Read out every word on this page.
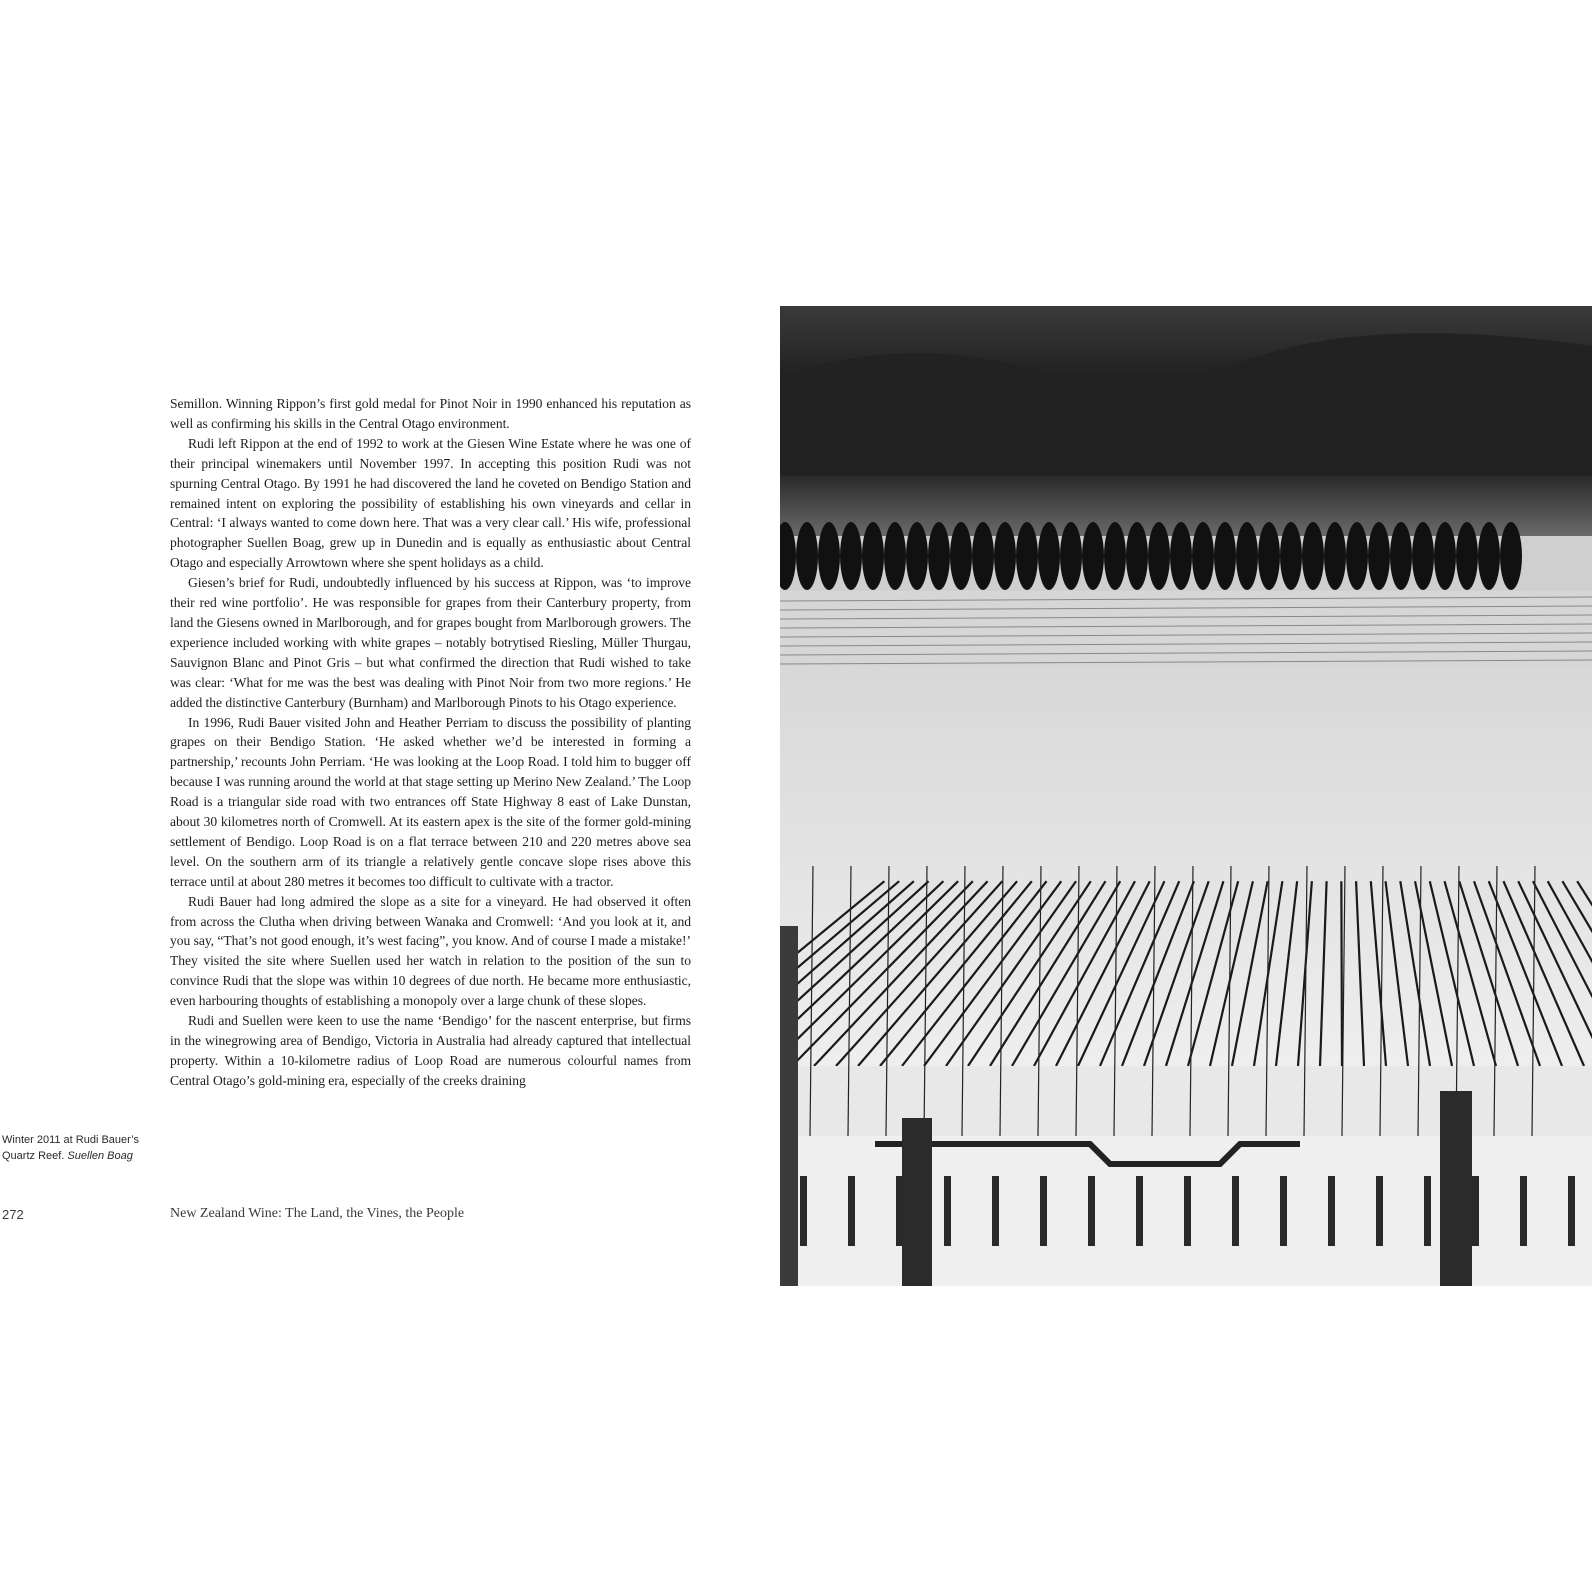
Semillon. Winning Rippon’s first gold medal for Pinot Noir in 1990 enhanced his reputation as well as confirming his skills in the Central Otago environment.

Rudi left Rippon at the end of 1992 to work at the Giesen Wine Estate where he was one of their principal winemakers until November 1997. In accepting this position Rudi was not spurning Central Otago. By 1991 he had discovered the land he coveted on Bendigo Station and remained intent on exploring the possibility of establishing his own vineyards and cellar in Central: ‘I always wanted to come down here. That was a very clear call.’ His wife, professional photographer Suellen Boag, grew up in Dunedin and is equally as enthusiastic about Central Otago and especially Arrowtown where she spent holidays as a child.

Giesen’s brief for Rudi, undoubtedly influenced by his success at Rippon, was ‘to improve their red wine portfolio’. He was responsible for grapes from their Canterbury property, from land the Giesens owned in Marlborough, and for grapes bought from Marlborough growers. The experience included working with white grapes – notably botrytised Riesling, Müller Thurgau, Sauvignon Blanc and Pinot Gris – but what confirmed the direction that Rudi wished to take was clear: ‘What for me was the best was dealing with Pinot Noir from two more regions.’ He added the distinctive Canterbury (Burnham) and Marlborough Pinots to his Otago experience.

In 1996, Rudi Bauer visited John and Heather Perriam to discuss the possibility of planting grapes on their Bendigo Station. ‘He asked whether we’d be interested in forming a partnership,’ recounts John Perriam. ‘He was looking at the Loop Road. I told him to bugger off because I was running around the world at that stage setting up Merino New Zealand.’ The Loop Road is a triangular side road with two entrances off State Highway 8 east of Lake Dunstan, about 30 kilometres north of Cromwell. At its eastern apex is the site of the former gold-mining settlement of Bendigo. Loop Road is on a flat terrace between 210 and 220 metres above sea level. On the southern arm of its triangle a relatively gentle concave slope rises above this terrace until at about 280 metres it becomes too difficult to cultivate with a tractor.

Rudi Bauer had long admired the slope as a site for a vineyard. He had observed it often from across the Clutha when driving between Wanaka and Cromwell: ‘And you look at it, and you say, “That’s not good enough, it’s west facing”, you know. And of course I made a mistake!’ They visited the site where Suellen used her watch in relation to the position of the sun to convince Rudi that the slope was within 10 degrees of due north. He became more enthusiastic, even harbouring thoughts of establishing a monopoly over a large chunk of these slopes.

Rudi and Suellen were keen to use the name ‘Bendigo’ for the nascent enterprise, but firms in the winegrowing area of Bendigo, Victoria in Australia had already captured that intellectual property. Within a 10-kilometre radius of Loop Road are numerous colourful names from Central Otago’s gold-mining era, especially of the creeks draining

Winter 2011 at Rudi Bauer’s Quartz Reef. Suellen Boag
272	New Zealand Wine: The Land, the Vines, the People
